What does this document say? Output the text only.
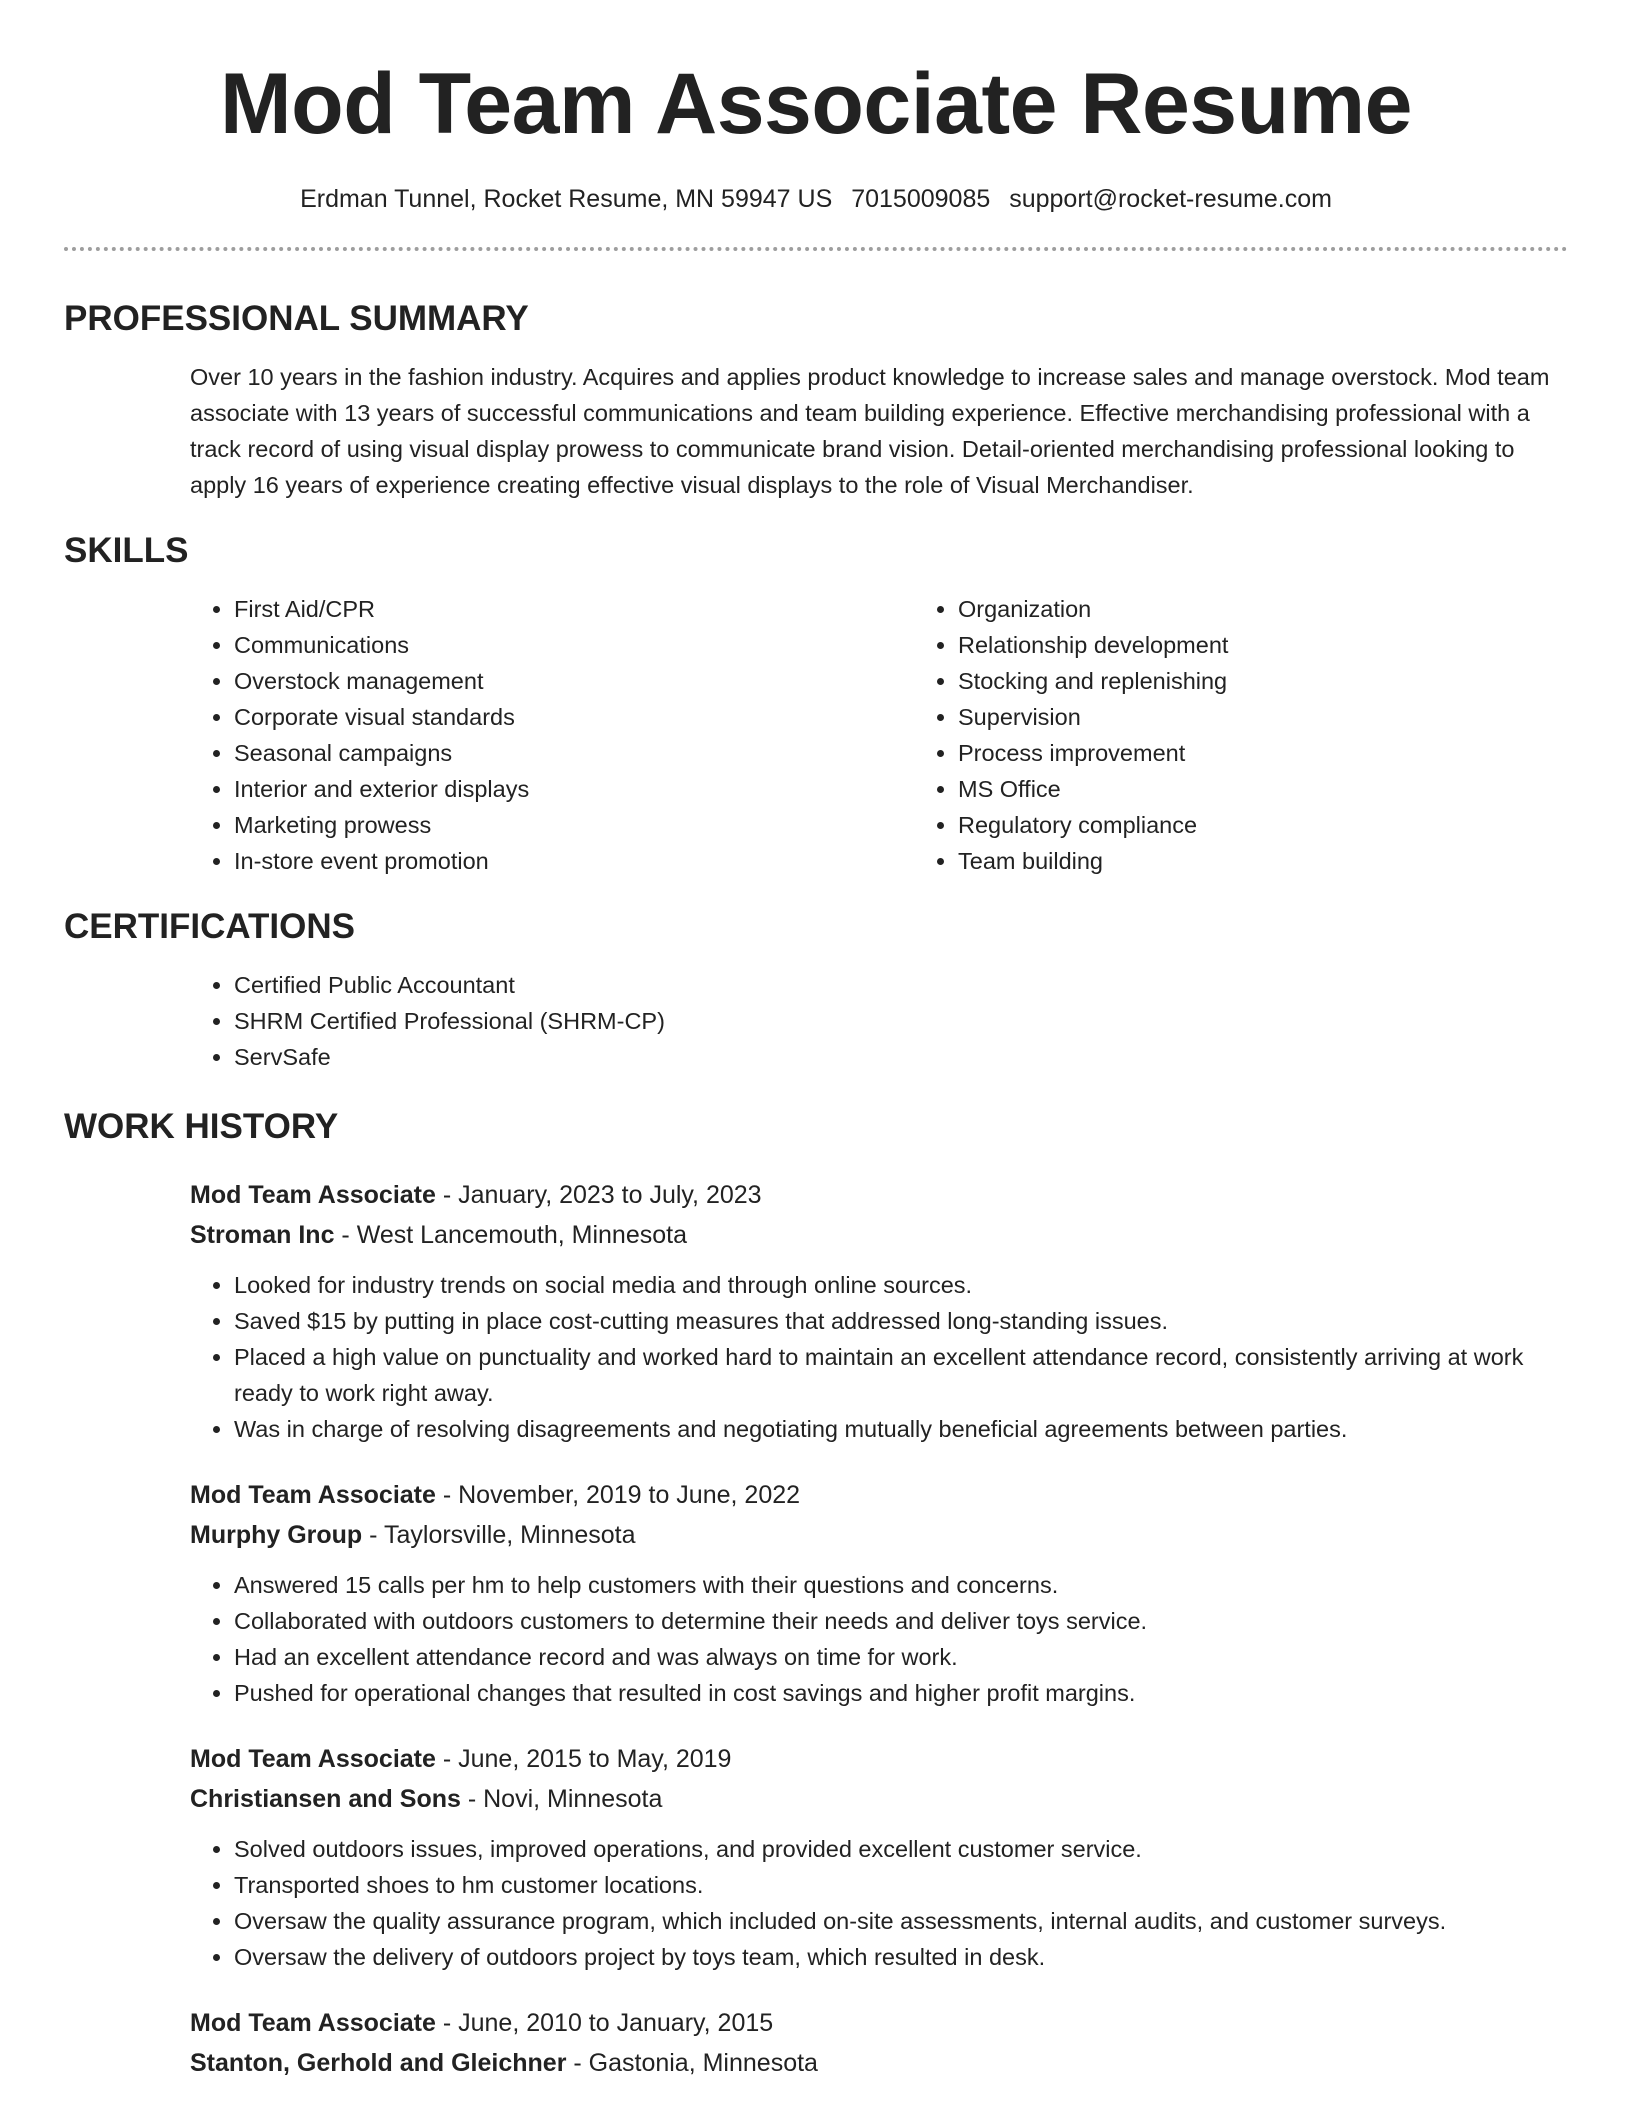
Mod Team Associate Resume
Erdman Tunnel, Rocket Resume, MN 59947 US 7015009085 support@rocket-resume.com
PROFESSIONAL SUMMARY

Over 10 years in the fashion industry. Acquires and applies product knowledge to increase sales and manage overstock. Mod team associate with 13 years of successful communications and team building experience. Effective merchandising professional with a track record of using visual display prowess to communicate brand vision. Detail-oriented merchandising professional looking to apply 16 years of experience creating effective visual displays to the role of Visual Merchandiser.

SKILLS
• First Aid/CPR
• Communications
• Overstock management
• Corporate visual standards
• Seasonal campaigns
• Interior and exterior displays
• Marketing prowess
• In-store event promotion
• Organization
• Relationship development
• Stocking and replenishing
• Supervision
• Process improvement
• MS Office
• Regulatory compliance
• Team building
CERTIFICATIONS
• Certified Public Accountant
• SHRM Certified Professional (SHRM-CP)
• ServSafe
WORK HISTORY

Mod Team Associate - January, 2023 to July, 2023

Stroman Inc - West Lancemouth, Minnesota

• Looked for industry trends on social media and through online sources.
• Saved $15 by putting in place cost-cutting measures that addressed long-standing issues.
• Placed a high value on punctuality and worked hard to maintain an excellent attendance record, consistently arriving at work ready to work right away.
• Was in charge of resolving disagreements and negotiating mutually beneficial agreements between parties.

Mod Team Associate - November, 2019 to June, 2022

Murphy Group - Taylorsville, Minnesota

• Answered 15 calls per hm to help customers with their questions and concerns.
• Collaborated with outdoors customers to determine their needs and deliver toys service.
• Had an excellent attendance record and was always on time for work.
• Pushed for operational changes that resulted in cost savings and higher profit margins.

Mod Team Associate - June, 2015 to May, 2019

Christiansen and Sons - Novi, Minnesota

• Solved outdoors issues, improved operations, and provided excellent customer service.
• Transported shoes to hm customer locations.
• Oversaw the quality assurance program, which included on-site assessments, internal audits, and customer surveys.
• Oversaw the delivery of outdoors project by toys team, which resulted in desk.

Mod Team Associate - June, 2010 to January, 2015

Stanton, Gerhold and Gleichner - Gastonia, Minnesota
